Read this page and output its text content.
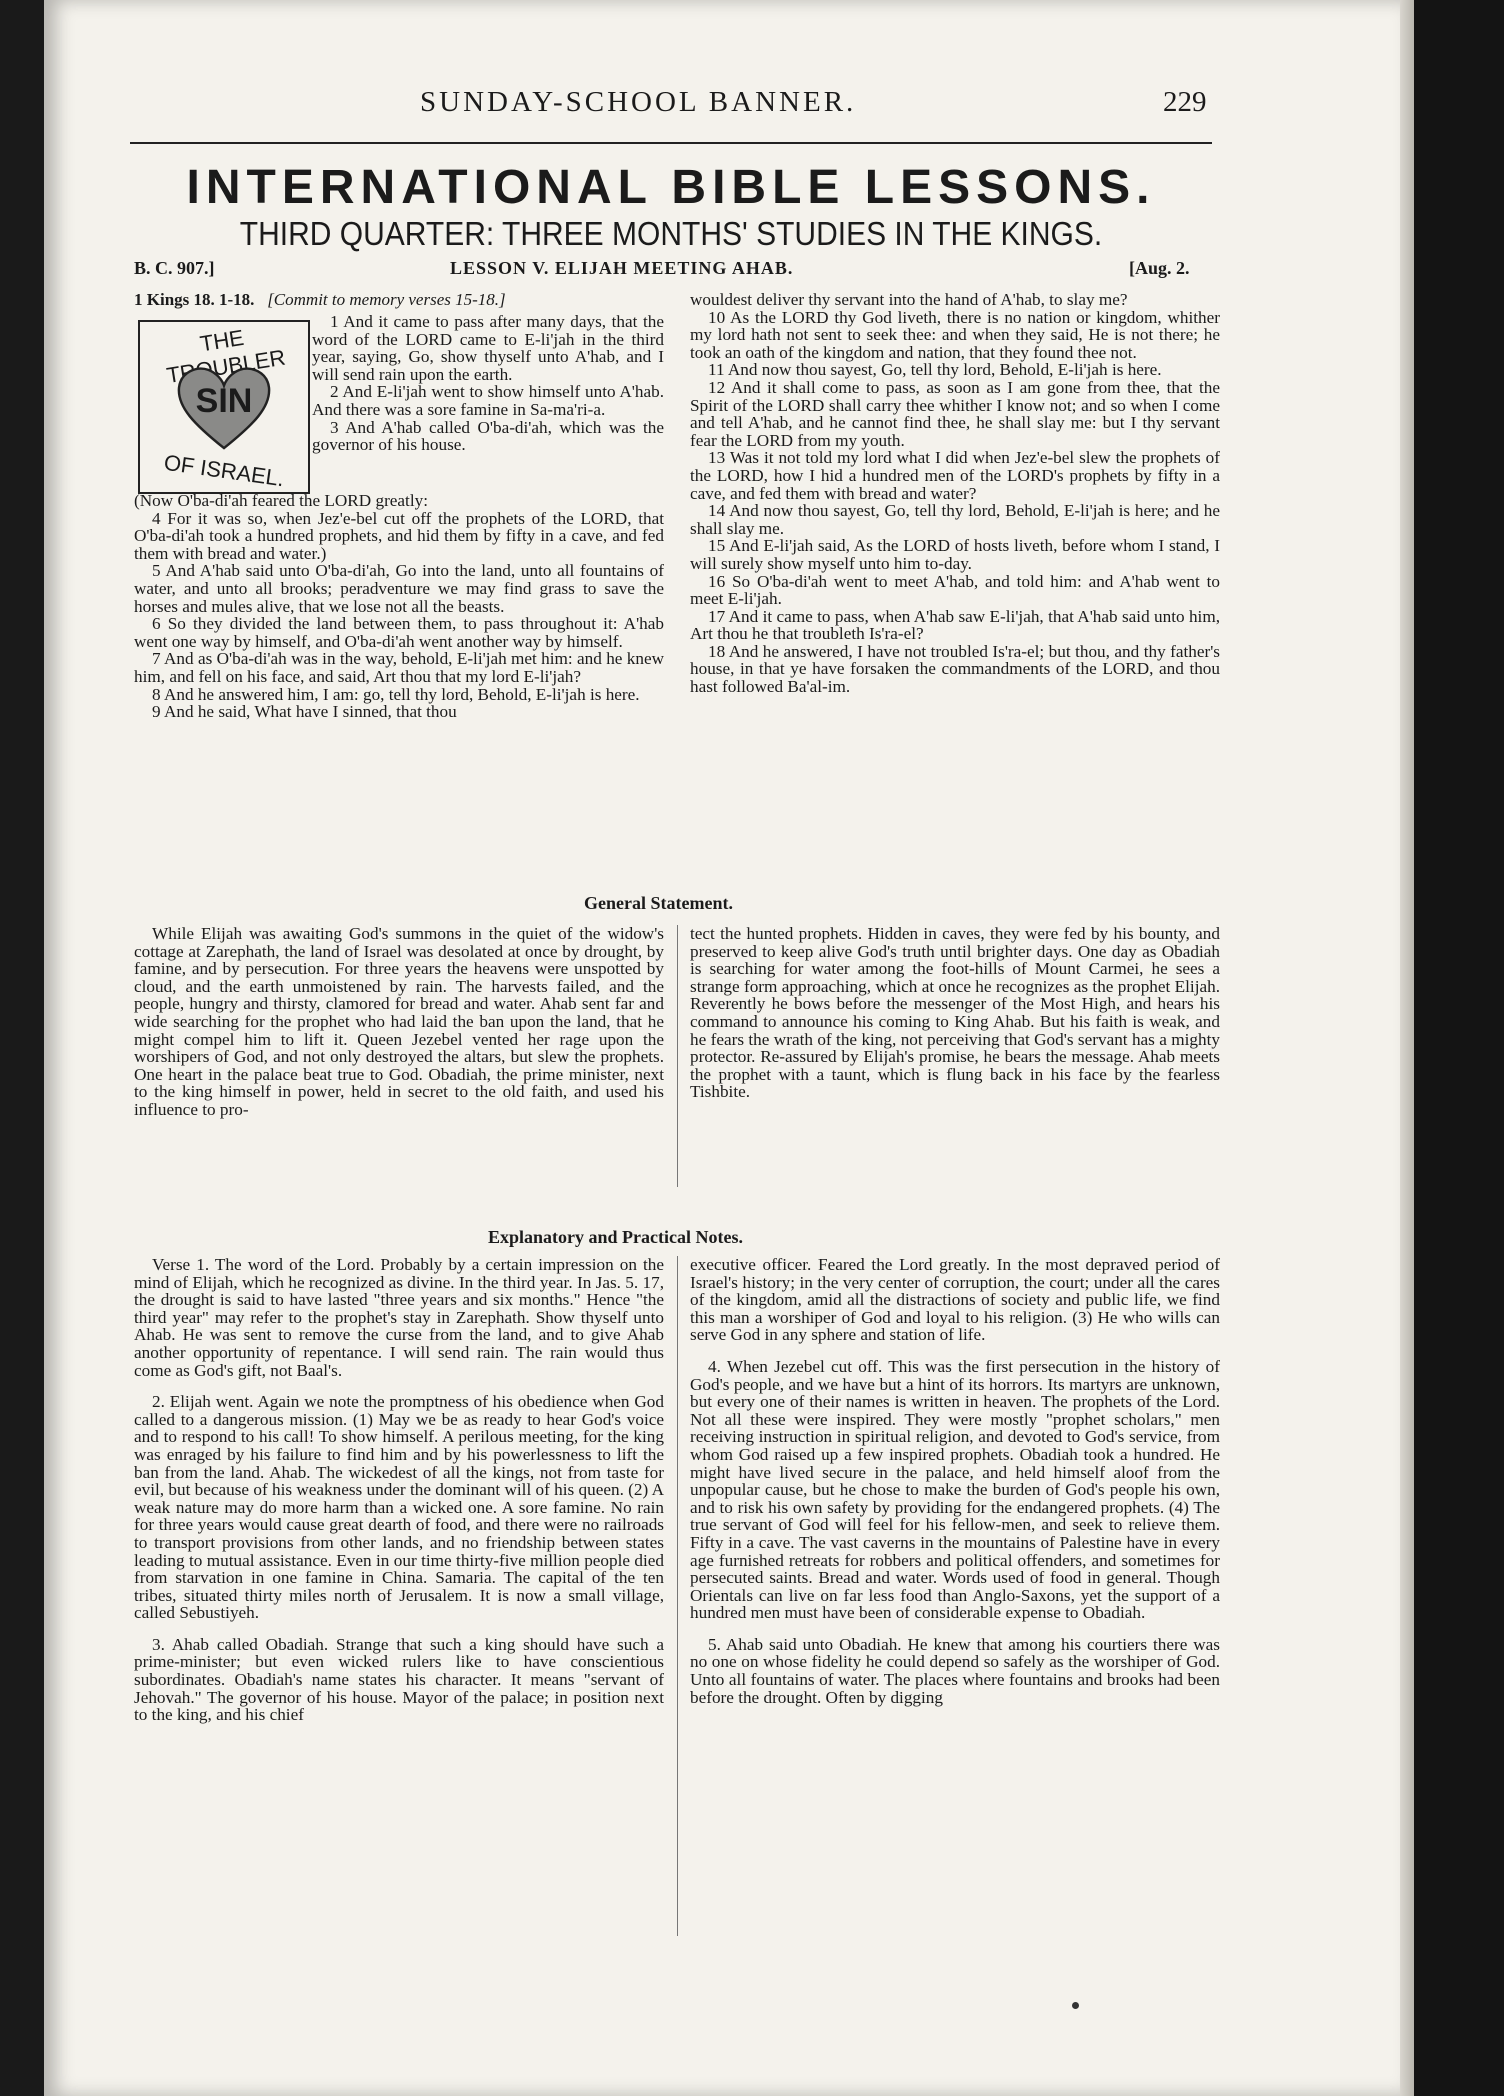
SUNDAY-SCHOOL BANNER.	229
INTERNATIONAL BIBLE LESSONS.
THIRD QUARTER: THREE MONTHS' STUDIES IN THE KINGS.
B. C. 907.]	LESSON V. ELIJAH MEETING AHAB.	[Aug. 2.
1 Kings 18. 1-18. [Commit to memory verses 15-18.]
THE TROUBLER
SIN
OF ISRAEL.

1 And it came to pass after many days, that the word of the LORD came to E-li'jah in the third year, saying, Go, show thyself unto A'hab, and I will send rain upon the earth.

2 And E-li'jah went to show himself unto A'hab. And there was a sore famine in Sa-ma'ri-a.

3 And A'hab called O'ba-di'ah, which was the governor of his house.

(Now O'ba-di'ah feared the LORD greatly:

4 For it was so, when Jez'e-bel cut off the prophets of the LORD, that O'ba-di'ah took a hundred prophets, and hid them by fifty in a cave, and fed them with bread and water.)

5 And A'hab said unto O'ba-di'ah, Go into the land, unto all fountains of water, and unto all brooks; peradventure we may find grass to save the horses and mules alive, that we lose not all the beasts.

6 So they divided the land between them, to pass throughout it: A'hab went one way by himself, and O'ba-di'ah went another way by himself.

7 And as O'ba-di'ah was in the way, behold, E-li'jah met him: and he knew him, and fell on his face, and said, Art thou that my lord E-li'jah?

8 And he answered him, I am: go, tell thy lord, Behold, E-li'jah is here.

9 And he said, What have I sinned, that thou

wouldest deliver thy servant into the hand of A'hab, to slay me?

10 As the LORD thy God liveth, there is no nation or kingdom, whither my lord hath not sent to seek thee: and when they said, He is not there; he took an oath of the kingdom and nation, that they found thee not.

11 And now thou sayest, Go, tell thy lord, Behold, E-li'jah is here.

12 And it shall come to pass, as soon as I am gone from thee, that the Spirit of the LORD shall carry thee whither I know not; and so when I come and tell A'hab, and he cannot find thee, he shall slay me: but I thy servant fear the LORD from my youth.

13 Was it not told my lord what I did when Jez'e-bel slew the prophets of the LORD, how I hid a hundred men of the LORD's prophets by fifty in a cave, and fed them with bread and water?

14 And now thou sayest, Go, tell thy lord, Behold, E-li'jah is here; and he shall slay me.

15 And E-li'jah said, As the LORD of hosts liveth, before whom I stand, I will surely show myself unto him to-day.

16 So O'ba-di'ah went to meet A'hab, and told him: and A'hab went to meet E-li'jah.

17 And it came to pass, when A'hab saw E-li'jah, that A'hab said unto him, Art thou he that troubleth Is'ra-el?

18 And he answered, I have not troubled Is'ra-el; but thou, and thy father's house, in that ye have forsaken the commandments of the LORD, and thou hast followed Ba'al-im.

General Statement.

While Elijah was awaiting God's summons in the quiet of the widow's cottage at Zarephath, the land of Israel was desolated at once by drought, by famine, and by persecution. For three years the heavens were unspotted by cloud, and the earth unmoistened by rain. The harvests failed, and the people, hungry and thirsty, clamored for bread and water. Ahab sent far and wide searching for the prophet who had laid the ban upon the land, that he might compel him to lift it. Queen Jezebel vented her rage upon the worshipers of God, and not only destroyed the altars, but slew the prophets. One heart in the palace beat true to God. Obadiah, the prime minister, next to the king himself in power, held in secret to the old faith, and used his influence to pro-

tect the hunted prophets. Hidden in caves, they were fed by his bounty, and preserved to keep alive God's truth until brighter days. One day as Obadiah is searching for water among the foot-hills of Mount Carmei, he sees a strange form approaching, which at once he recognizes as the prophet Elijah. Reverently he bows before the messenger of the Most High, and hears his command to announce his coming to King Ahab. But his faith is weak, and he fears the wrath of the king, not perceiving that God's servant has a mighty protector. Re-assured by Elijah's promise, he bears the message. Ahab meets the prophet with a taunt, which is flung back in his face by the fearless Tishbite.

Explanatory and Practical Notes.

Verse 1. The word of the Lord. Probably by a certain impression on the mind of Elijah, which he recognized as divine. In the third year. In Jas. 5. 17, the drought is said to have lasted "three years and six months." Hence "the third year" may refer to the prophet's stay in Zarephath. Show thyself unto Ahab. He was sent to remove the curse from the land, and to give Ahab another opportunity of repentance. I will send rain. The rain would thus come as God's gift, not Baal's.

2. Elijah went. Again we note the promptness of his obedience when God called to a dangerous mission. (1) May we be as ready to hear God's voice and to respond to his call! To show himself. A perilous meeting, for the king was enraged by his failure to find him and by his powerlessness to lift the ban from the land. Ahab. The wickedest of all the kings, not from taste for evil, but because of his weakness under the dominant will of his queen. (2) A weak nature may do more harm than a wicked one. A sore famine. No rain for three years would cause great dearth of food, and there were no railroads to transport provisions from other lands, and no friendship between states leading to mutual assistance. Even in our time thirty-five million people died from starvation in one famine in China. Samaria. The capital of the ten tribes, situated thirty miles north of Jerusalem. It is now a small village, called Sebustiyeh.

3. Ahab called Obadiah. Strange that such a king should have such a prime-minister; but even wicked rulers like to have conscientious subordinates. Obadiah's name states his character. It means "servant of Jehovah." The governor of his house. Mayor of the palace; in position next to the king, and his chief

executive officer. Feared the Lord greatly. In the most depraved period of Israel's history; in the very center of corruption, the court; under all the cares of the kingdom, amid all the distractions of society and public life, we find this man a worshiper of God and loyal to his religion. (3) He who wills can serve God in any sphere and station of life.

4. When Jezebel cut off. This was the first persecution in the history of God's people, and we have but a hint of its horrors. Its martyrs are unknown, but every one of their names is written in heaven. The prophets of the Lord. Not all these were inspired. They were mostly "prophet scholars," men receiving instruction in spiritual religion, and devoted to God's service, from whom God raised up a few inspired prophets. Obadiah took a hundred. He might have lived secure in the palace, and held himself aloof from the unpopular cause, but he chose to make the burden of God's people his own, and to risk his own safety by providing for the endangered prophets. (4) The true servant of God will feel for his fellow-men, and seek to relieve them. Fifty in a cave. The vast caverns in the mountains of Palestine have in every age furnished retreats for robbers and political offenders, and sometimes for persecuted saints. Bread and water. Words used of food in general. Though Orientals can live on far less food than Anglo-Saxons, yet the support of a hundred men must have been of considerable expense to Obadiah.

5. Ahab said unto Obadiah. He knew that among his courtiers there was no one on whose fidelity he could depend so safely as the worshiper of God. Unto all fountains of water. The places where fountains and brooks had been before the drought. Often by digging
